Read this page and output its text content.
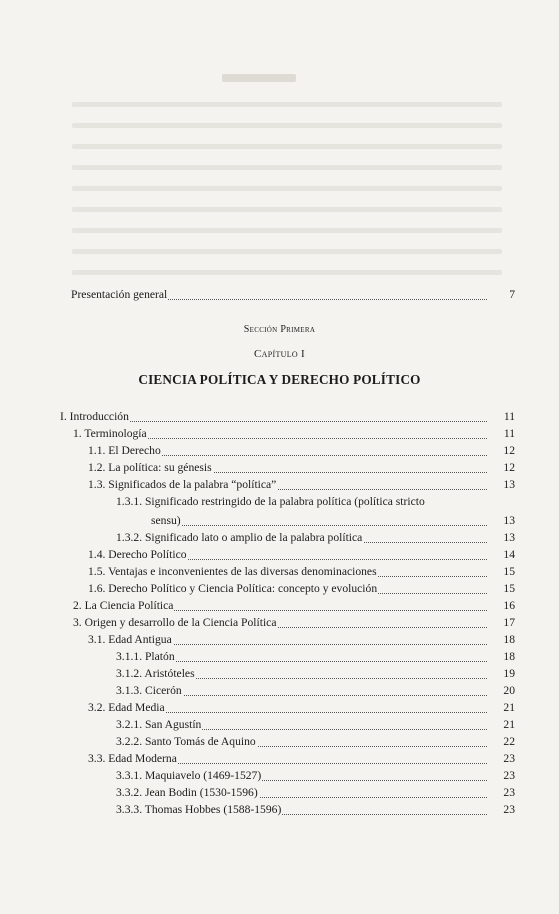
Presentación general	7
Sección Primera
Capítulo I
CIENCIA POLÍTICA Y DERECHO POLÍTICO
I. Introducción	11
1. Terminología	11
1.1. El Derecho	12
1.2. La política: su génesis	12
1.3. Significados de la palabra “política”	13
1.3.1. Significado restringido de la palabra política (política stricto
sensu)	13
1.3.2. Significado lato o amplio de la palabra política	13
1.4. Derecho Político	14
1.5. Ventajas e inconvenientes de las diversas denominaciones	15
1.6. Derecho Político y Ciencia Política: concepto y evolución	15
2. La Ciencia Política	16
3. Origen y desarrollo de la Ciencia Política	17
3.1. Edad Antigua	18
3.1.1. Platón	18
3.1.2. Aristóteles	19
3.1.3. Cicerón	20
3.2. Edad Media	21
3.2.1. San Agustín	21
3.2.2. Santo Tomás de Aquino	22
3.3. Edad Moderna	23
3.3.1. Maquiavelo (1469-1527)	23
3.3.2. Jean Bodin (1530-1596)	23
3.3.3. Thomas Hobbes (1588-1596)	23
